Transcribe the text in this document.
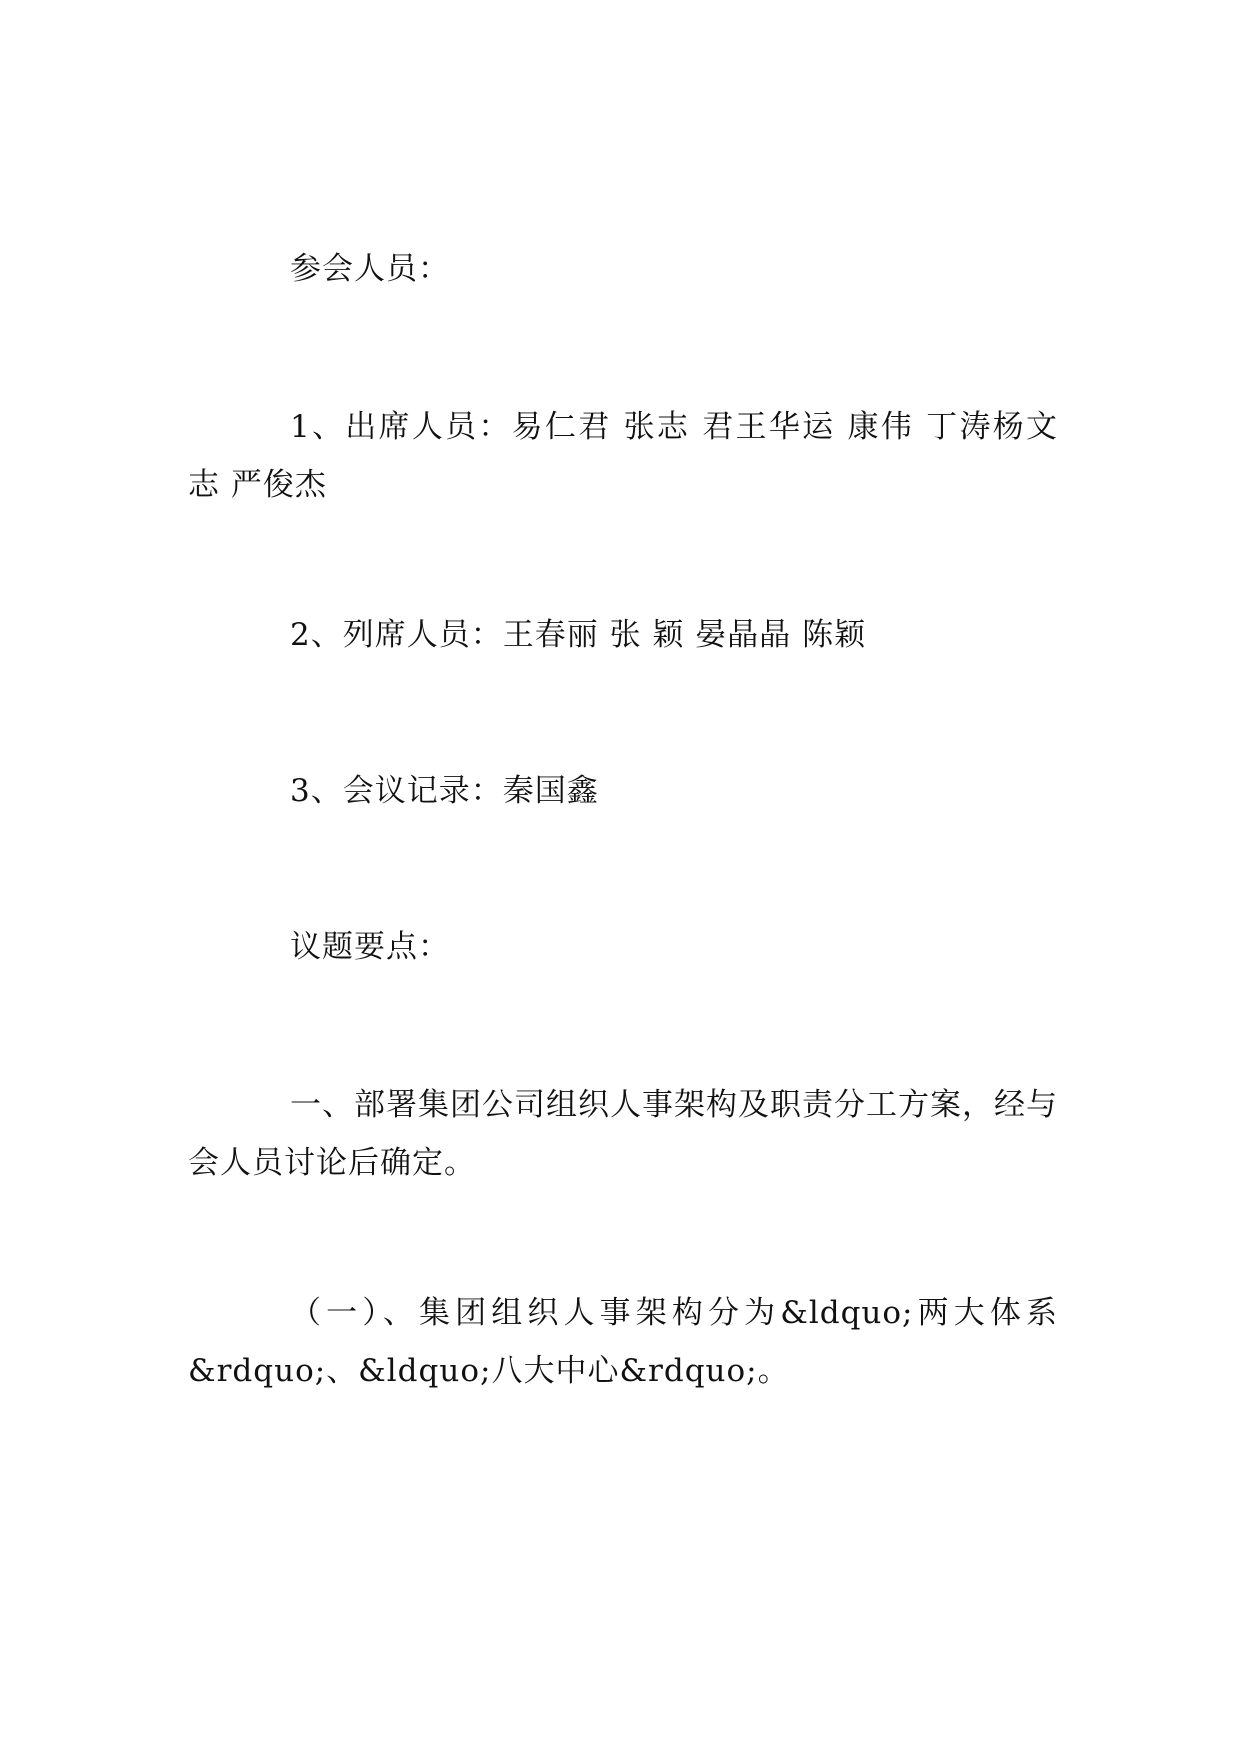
参会人员：

1、出席人员：易仁君 张志 君王华运 康伟 丁涛杨文志 严俊杰

2、列席人员：王春丽 张 颖 晏晶晶 陈颖

3、会议记录：秦国鑫

议题要点：

一、部署集团公司组织人事架构及职责分工方案，经与会人员讨论后确定。

（一）、集团组织人事架构分为&ldquo;两大体系&rdquo;、&ldquo;八大中心&rdquo;。
